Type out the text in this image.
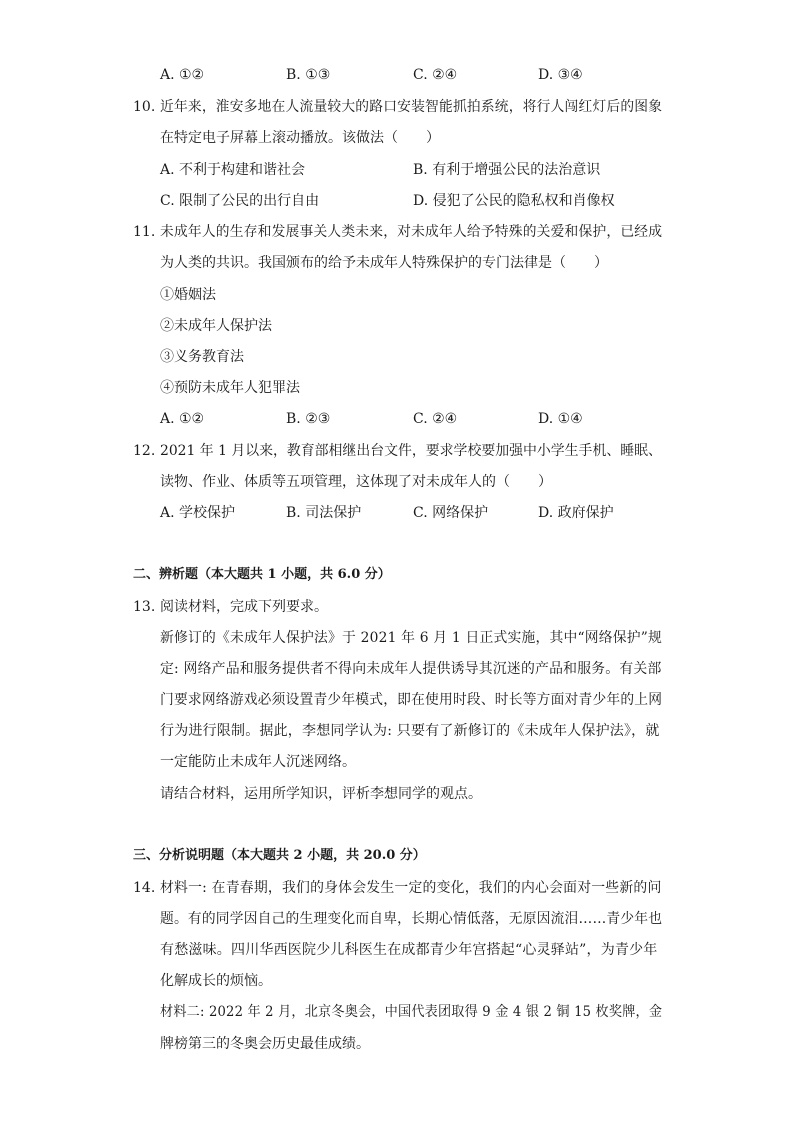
A. ①②	B. ①③	C. ②④	D. ③④
10. 近年来，淮安多地在人流量较大的路口安装智能抓拍系统，将行人闯红灯后的图象
在特定电子屏幕上滚动播放。该做法（　　）
A. 不利于构建和谐社会	B. 有利于增强公民的法治意识
C. 限制了公民的出行自由	D. 侵犯了公民的隐私权和肖像权
11. 未成年人的生存和发展事关人类未来，对未成年人给予特殊的关爱和保护，已经成
为人类的共识。我国颁布的给予未成年人特殊保护的专门法律是（　　）
①婚姻法
②未成年人保护法
③义务教育法
④预防未成年人犯罪法
A. ①②	B. ②③	C. ②④	D. ①④
12. 2021 年 1 月以来，教育部相继出台文件，要求学校要加强中小学生手机、睡眠、
读物、作业、体质等五项管理，这体现了对未成年人的（　　）
A. 学校保护	B. 司法保护	C. 网络保护	D. 政府保护
二、辨析题（本大题共 1 小题，共 6.0 分）
13. 阅读材料，完成下列要求。
新修订的《未成年人保护法》于 2021 年 6 月 1 日正式实施，其中“网络保护”规
定: 网络产品和服务提供者不得向未成年人提供诱导其沉迷的产品和服务。有关部
门要求网络游戏必须设置青少年模式，即在使用时段、时长等方面对青少年的上网
行为进行限制。据此，李想同学认为: 只要有了新修订的《未成年人保护法》，就
一定能防止未成年人沉迷网络。
请结合材料，运用所学知识，评析李想同学的观点。
三、分析说明题（本大题共 2 小题，共 20.0 分）
14. 材料一: 在青春期，我们的身体会发生一定的变化，我们的内心会面对一些新的问
题。有的同学因自己的生理变化而自卑，长期心情低落，无原因流泪……青少年也
有愁滋味。四川华西医院少儿科医生在成都青少年宫搭起“心灵驿站”，为青少年
化解成长的烦恼。
材料二: 2022 年 2 月，北京冬奥会，中国代表团取得 9 金 4 银 2 铜 15 枚奖牌，金
牌榜第三的冬奥会历史最佳成绩。
